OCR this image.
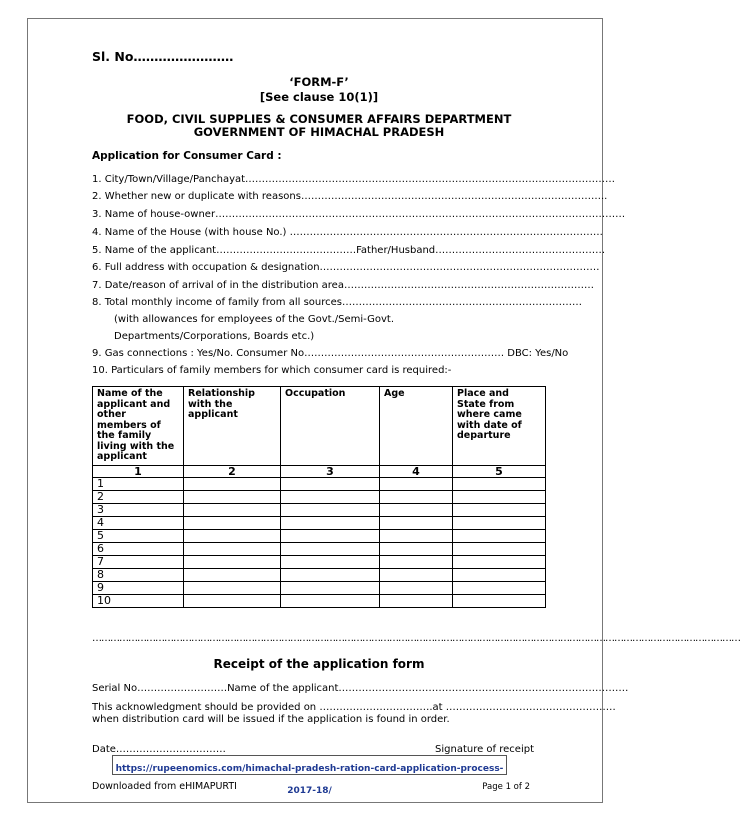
Sl. No……………………
‘FORM-F’
[See clause 10(1)]
FOOD, CIVIL SUPPLIES & CONSUMER AFFAIRS DEPARTMENT
GOVERNMENT OF HIMACHAL PRADESH
Application for Consumer Card :
1. City/Town/Village/Panchayat…………………………………………………………………………………………………
2. Whether new or duplicate with reasons………………………………………………………………………………..
3. Name of house-owner……………………………………………………………………………………………………………
4. Name of the House (with house No.) ………………………………………………………………………………….
5. Name of the applicant……………………………………Father/Husband……………………………………………
6. Full address with occupation & designation…………………………………………………………………………
7. Date/reason of arrival of in the distribution area…………………………………………………………………
8. Total monthly income of family from all sources………………………………………………………………
(with allowances for employees of the Govt./Semi-Govt.
Departments/Corporations, Boards etc.)
9. Gas connections : Yes/No. Consumer No…………………………………………………… DBC: Yes/No
10. Particulars of family members for which consumer card is required:-
Name of the applicant and other members of the family living with the applicant	Relationship with the applicant	Occupation	Age	Place and State from where came with date of departure
1	2	3	4	5
1				
2				
3				
4				
5				
6				
7				
8				
9				
10				
………………………………………………………………………………………………………………………………………………………………………………………………
Receipt of the application form
Serial No………………………Name of the applicant……………………………………………………………………………
This acknowledgment should be provided on …………………………….at ……………………………………………
when distribution card will be issued if the application is found in order.
Date……………………………	Signature of receipt
https://rupeenomics.com/himachal-pradesh-ration-card-application-process-2017-18/
Downloaded from eHIMAPURTI	Page 1 of 2
